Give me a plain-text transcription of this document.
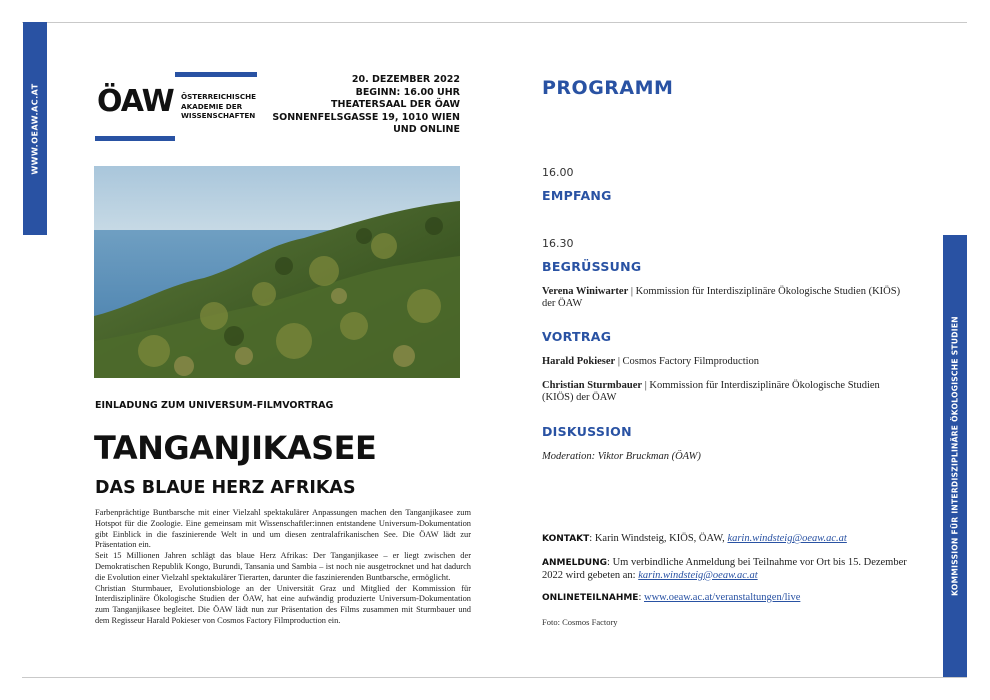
WWW.OEAW.AC.AT
KOMMISSION FÜR INTERDISZIPLINÄRE ÖKOLOGISCHE STUDIEN
ÖAW ÖSTERREICHISCHE
AKADEMIE DER
WISSENSCHAFTEN
20. DEZEMBER 2022
BEGINN: 16.00 UHR
THEATERSAAL DER ÖAW
SONNENFELSGASSE 19, 1010 WIEN
UND ONLINE
EINLADUNG ZUM UNIVERSUM-FILMVORTRAG
TANGANJIKASEE
DAS BLAUE HERZ AFRIKAS

Farbenprächtige Buntbarsche mit einer Vielzahl spektakulärer Anpassungen machen den Tanganjikasee zum Hotspot für die Zoologie. Eine gemeinsam mit Wissenschaftler:innen entstandene Universum-Dokumentation gibt Einblick in die faszinierende Welt in und um diesen zentralafrikanischen See. Die ÖAW lädt zur Präsentation ein.

Seit 15 Millionen Jahren schlägt das blaue Herz Afrikas: Der Tanganjikasee – er liegt zwischen der Demokratischen Republik Kongo, Burundi, Tansania und Sambia – ist noch nie ausgetrocknet und hat dadurch die Evolution einer Vielzahl spektakulärer Tierarten, darunter die faszinierenden Buntbarsche, ermöglicht.

Christian Sturmbauer, Evolutionsbiologe an der Universität Graz und Mitglied der Kommission für Interdisziplinäre Ökologische Studien der ÖAW, hat eine aufwändig produzierte Universum-Dokumentation zum Tanganjikasee begleitet. Die ÖAW lädt nun zur Präsentation des Films zusammen mit Sturmbauer und dem Regisseur Harald Pokieser von Cosmos Factory Filmproduction ein.

PROGRAMM
16.00
EMPFANG
16.30
BEGRÜSSUNG
Verena Winiwarter | Kommission für Interdisziplinäre Ökologische Studien (KIÖS) der ÖAW
VORTRAG
Harald Pokieser | Cosmos Factory Filmproduction
Christian Sturmbauer | Kommission für Interdisziplinäre Ökologische Studien (KIÖS) der ÖAW
DISKUSSION
Moderation: Viktor Bruckman (ÖAW)
KONTAKT: Karin Windsteig, KIÖS, ÖAW, karin.windsteig@oeaw.ac.at
ANMELDUNG: Um verbindliche Anmeldung bei Teilnahme vor Ort bis 15. Dezember 2022 wird gebeten an: karin.windsteig@oeaw.ac.at
ONLINETEILNAHME: www.oeaw.ac.at/veranstaltungen/live
Foto: Cosmos Factory
